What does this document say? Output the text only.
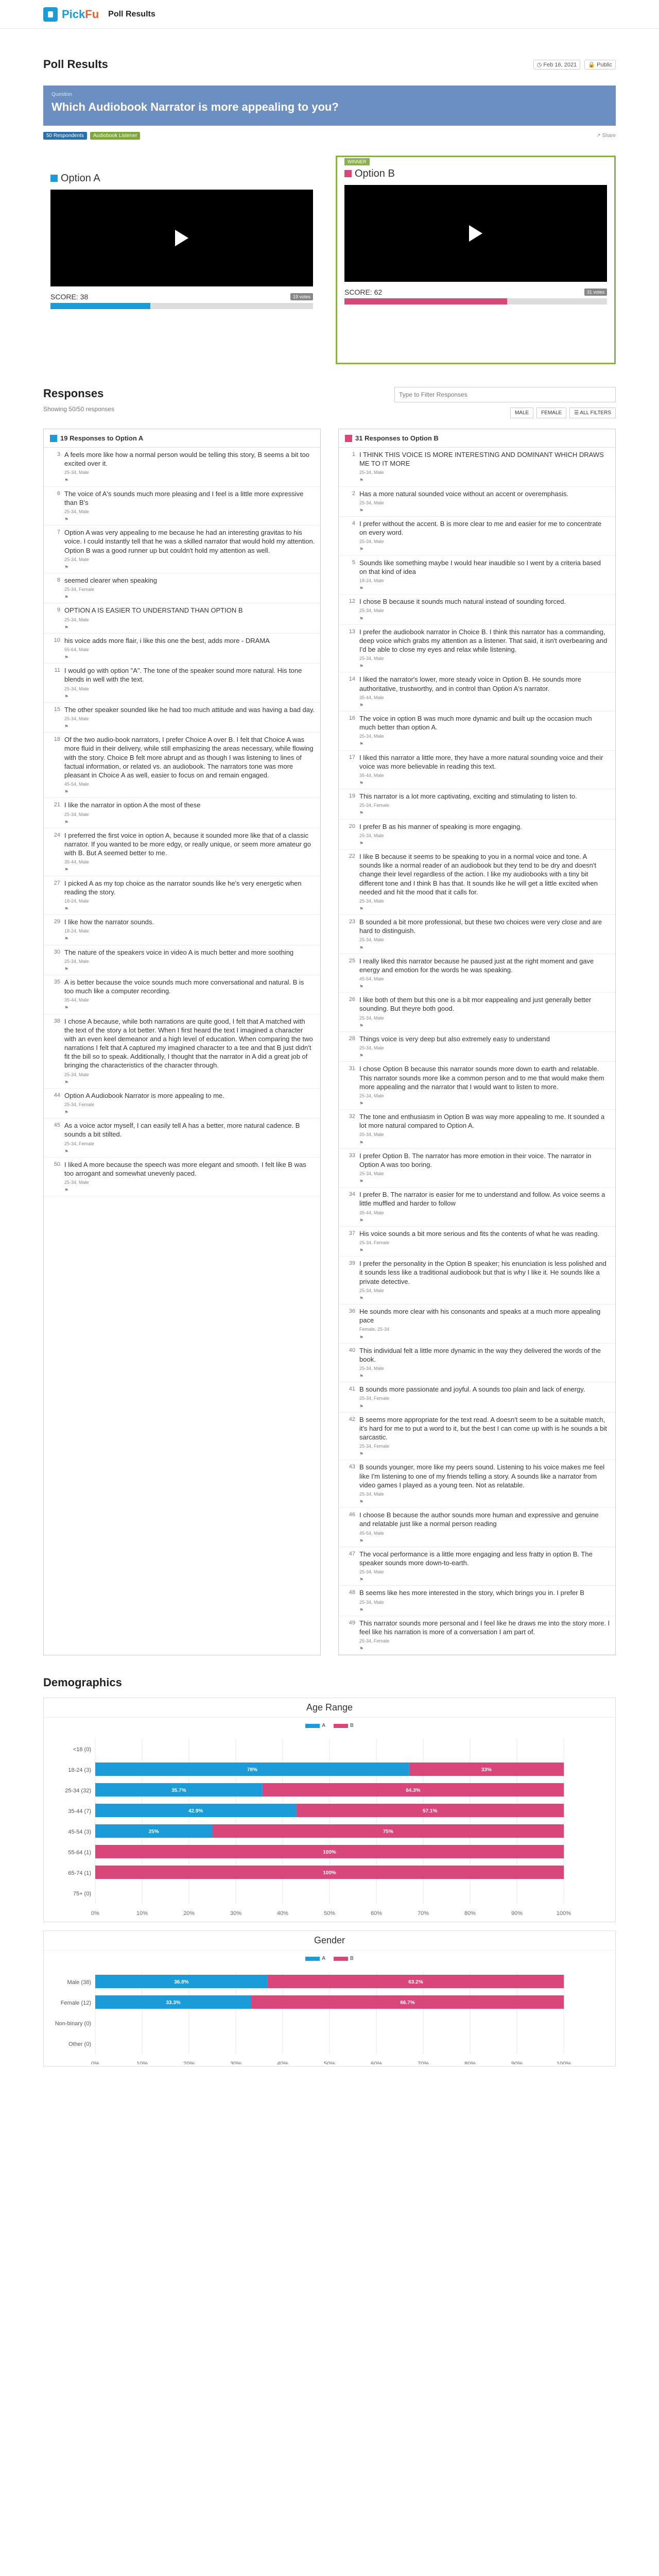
PickFu Poll Results
Poll Results	◷ Feb 16, 2021	🔒 Public
Question
Which Audiobook Narrator is more appealing to you?
50 Respondents	Audiobook Listener	↗ Share
Option A
SCORE: 38	19 votes
WINNER
Option B
SCORE: 62	31 votes
Responses
Showing 50/50 responses
Type to Filter Responses
MALE	FEMALE	☰ ALL FILTERS
19 Responses to Option A
3 A feels more like how a normal person would be telling this story, B seems a bit too excited over it.
25-34, Male
⚑
6 The voice of A's sounds much more pleasing and I feel is a little more expressive than B's
25-34, Male
⚑
7 Option A was very appealing to me because he had an interesting gravitas to his voice. I could instantly tell that he was a skilled narrator that would hold my attention. Option B was a good runner up but couldn't hold my attention as well.
25-34, Male
⚑
8 seemed clearer when speaking
25-34, Female
⚑
9 OPTION A IS EASIER TO UNDERSTAND THAN OPTION B
25-34, Male
⚑
10 his voice adds more flair, i like this one the best, adds more - DRAMA
55-64, Male
⚑
11 I would go with option "A". The tone of the speaker sound more natural. His tone blends in well with the text.
25-34, Male
⚑
15 The other speaker sounded like he had too much attitude and was having a bad day.
25-34, Male
⚑
18 Of the two audio-book narrators, I prefer Choice A over B. I felt that Choice A was more fluid in their delivery, while still emphasizing the areas necessary, while flowing with the story. Choice B felt more abrupt and as though I was listening to lines of factual information, or related vs. an audiobook. The narrators tone was more pleasant in Choice A as well, easier to focus on and remain engaged.
45-54, Male
⚑
21 I like the narrator in option A the most of these
25-34, Male
⚑
24 I preferred the first voice in option A, because it sounded more like that of a classic narrator. If you wanted to be more edgy, or really unique, or seem more amateur go with B. But A seemed better to me.
35-44, Male
⚑
27 I picked A as my top choice as the narrator sounds like he's very energetic when reading the story.
18-24, Male
⚑
29 I like how the narrator sounds.
18-24, Male
⚑
30 The nature of the speakers voice in video A is much better and more soothing
25-34, Male
⚑
35 A is better because the voice sounds much more conversational and natural. B is too much like a computer recording.
35-44, Male
⚑
38 I chose A because, while both narrations are quite good, I felt that A matched with the text of the story a lot better. When I first heard the text I imagined a character with an even keel demeanor and a high level of education. When comparing the two narrations I felt that A captured my imagined character to a tee and that B just didn't fit the bill so to speak. Additionally, I thought that the narrator in A did a great job of bringing the characteristics of the character through.
25-34, Male
⚑
44 Option A Audiobook Narrator is more appealing to me.
25-34, Female
⚑
45 As a voice actor myself, I can easily tell A has a better, more natural cadence. B sounds a bit stilted.
25-34, Female
⚑
50 I liked A more because the speech was more elegant and smooth. I felt like B was too arrogant and somewhat unevenly paced.
25-34, Male
⚑
31 Responses to Option B
1 I THINK THIS VOICE IS MORE INTERESTING AND DOMINANT WHICH DRAWS ME TO IT MORE
25-34, Male
⚑
2 Has a more natural sounded voice without an accent or overemphasis.
25-34, Male
⚑
4 I prefer without the accent. B is more clear to me and easier for me to concentrate on every word.
25-34, Male
⚑
5 Sounds like something maybe I would hear inaudible so I went by a criteria based on that kind of idea
18-24, Male
⚑
12 I chose B because it sounds much natural instead of sounding forced.
25-34, Male
⚑
13 I prefer the audiobook narrator in Choice B. I think this narrator has a commanding, deep voice which grabs my attention as a listener. That said, it isn't overbearing and I'd be able to close my eyes and relax while listening.
25-34, Male
⚑
14 I liked the narrator's lower, more steady voice in Option B. He sounds more authoritative, trustworthy, and in control than Option A's narrator.
35-44, Male
⚑
16 The voice in option B was much more dynamic and built up the occasion much much better than option A.
25-34, Male
⚑
17 I liked this narrator a little more, they have a more natural sounding voice and their voice was more believable in reading this text.
35-44, Male
⚑
19 This narrator is a lot more captivating, exciting and stimulating to listen to.
25-34, Female
⚑
20 I prefer B as his manner of speaking is more engaging.
25-34, Male
⚑
22 I like B because it seems to be speaking to you in a normal voice and tone. A sounds like a normal reader of an audiobook but they tend to be dry and doesn't change their level regardless of the action. I like my audiobooks with a tiny bit different tone and I think B has that. It sounds like he will get a little excited when needed and hit the mood that it calls for.
25-34, Male
⚑
23 B sounded a bit more professional, but these two choices were very close and are hard to distinguish.
25-34, Male
⚑
25 I really liked this narrator because he paused just at the right moment and gave energy and emotion for the words he was speaking.
45-54, Male
⚑
26 I like both of them but this one is a bit mor eappealing and just generally better sounding. But theyre both good.
25-34, Male
⚑
28 Things voice is very deep but also extremely easy to understand
25-34, Male
⚑
31 I chose Option B because this narrator sounds more down to earth and relatable. This narrator sounds more like a common person and to me that would make them more appealing and the narrator that I would want to listen to more.
25-34, Male
⚑
32 The tone and enthusiasm in Option B was way more appealing to me. It sounded a lot more natural compared to Option A.
25-34, Male
⚑
33 I prefer Option B. The narrator has more emotion in their voice. The narrator in Option A was too boring.
25-34, Male
⚑
34 I prefer B. The narrator is easier for me to understand and follow. As voice seems a little muffled and harder to follow
35-44, Male
⚑
37 His voice sounds a bit more serious and fits the contents of what he was reading.
25-34, Female
⚑
39 I prefer the personality in the Option B speaker; his enunciation is less polished and it sounds less like a traditional audiobook but that is why I like it. He sounds like a private detective.
25-34, Male
⚑
36 He sounds more clear with his consonants and speaks at a much more appealing pace
Female, 25-34
⚑
40 This individual felt a little more dynamic in the way they delivered the words of the book.
25-34, Male
⚑
41 B sounds more passionate and joyful. A sounds too plain and lack of energy.
25-34, Female
⚑
42 B seems more appropriate for the text read. A doesn't seem to be a suitable match, it's hard for me to put a word to it, but the best I can come up with is he sounds a bit sarcastic.
25-34, Female
⚑
43 B sounds younger, more like my peers sound. Listening to his voice makes me feel like I'm listening to one of my friends telling a story. A sounds like a narrator from video games I played as a young teen. Not as relatable.
25-34, Male
⚑
46 I choose B because the author sounds more human and expressive and genuine and relatable just like a normal person reading
45-54, Male
⚑
47 The vocal performance is a little more engaging and less fratty in option B. The speaker sounds more down-to-earth.
25-34, Male
⚑
48 B seems like hes more interested in the story, which brings you in. I prefer B
25-34, Male
⚑
49 This narrator sounds more personal and I feel like he draws me into the story more. I feel like his narration is more of a conversation I am part of.
25-34, Female
⚑
Demographics
Age Range
A	B
0%	10%	20%	30%	40%	50%	60%	70%	80%	90%	100%
<18 (0)
18-24 (3)	78%	33%
25-34 (32)	35.7%	64.3%
35-44 (7)	42.9%	57.1%
45-54 (3)	25%	75%
55-64 (1)	100%
65-74 (1)	100%
75+ (0)
Gender
A	B
0%	10%	20%	30%	40%	50%	60%	70%	80%	90%	100%
Male (38)	36.8%	63.2%
Female (12)	33.3%	66.7%
Non-binary (0)
Other (0)
